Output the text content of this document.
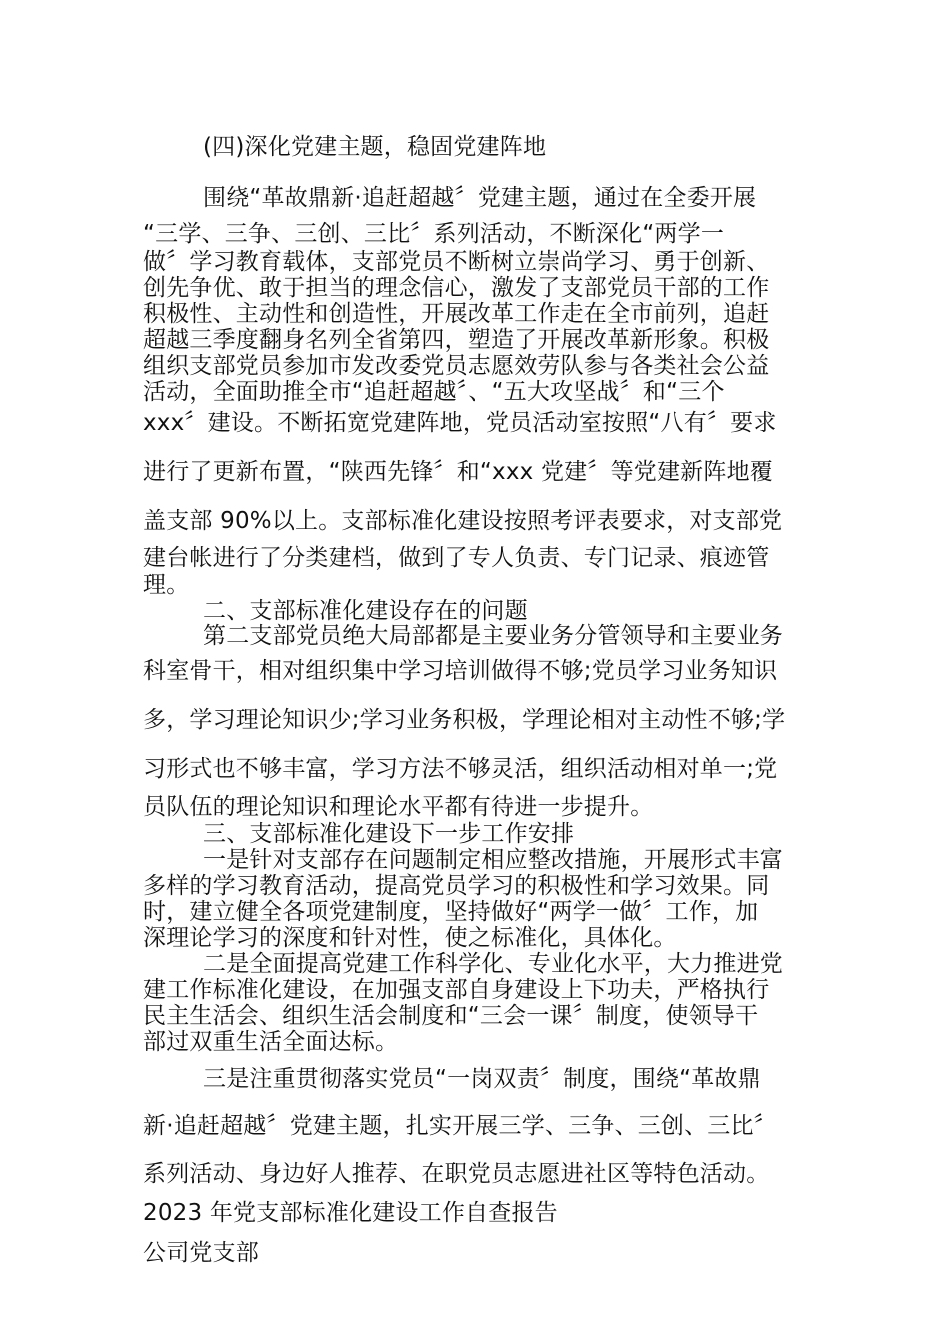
(四)深化党建主题，稳固党建阵地
围绕“革故鼎新·追赶超越〞党建主题，通过在全委开展
“三学、三争、三创、三比〞系列活动，不断深化“两学一
做〞学习教育载体，支部党员不断树立崇尚学习、勇于创新、
创先争优、敢于担当的理念信心，激发了支部党员干部的工作
积极性、主动性和创造性，开展改革工作走在全市前列，追赶
超越三季度翻身名列全省第四，塑造了开展改革新形象。积极
组织支部党员参加市发改委党员志愿效劳队参与各类社会公益
活动，全面助推全市“追赶超越〞、“五大攻坚战〞和“三个
xxx〞建设。不断拓宽党建阵地，党员活动室按照“八有〞要求
进行了更新布置，“陕西先锋〞和“xxx 党建〞等党建新阵地覆
盖支部 90%以上。支部标准化建设按照考评表要求，对支部党
建台帐进行了分类建档，做到了专人负责、专门记录、痕迹管
理。
二、支部标准化建设存在的问题
第二支部党员绝大局部都是主要业务分管领导和主要业务
科室骨干，相对组织集中学习培训做得不够;党员学习业务知识
多，学习理论知识少;学习业务积极，学理论相对主动性不够;学
习形式也不够丰富，学习方法不够灵活，组织活动相对单一;党
员队伍的理论知识和理论水平都有待进一步提升。
三、支部标准化建设下一步工作安排
一是针对支部存在问题制定相应整改措施，开展形式丰富
多样的学习教育活动，提高党员学习的积极性和学习效果。同
时，建立健全各项党建制度，坚持做好“两学一做〞工作，加
深理论学习的深度和针对性，使之标准化，具体化。
二是全面提高党建工作科学化、专业化水平，大力推进党
建工作标准化建设，在加强支部自身建设上下功夫，严格执行
民主生活会、组织生活会制度和“三会一课〞制度，使领导干
部过双重生活全面达标。
三是注重贯彻落实党员“一岗双责〞制度，围绕“革故鼎
新·追赶超越〞党建主题，扎实开展三学、三争、三创、三比〞
系列活动、身边好人推荐、在职党员志愿进社区等特色活动。
2023 年党支部标准化建设工作自查报告
公司党支部
